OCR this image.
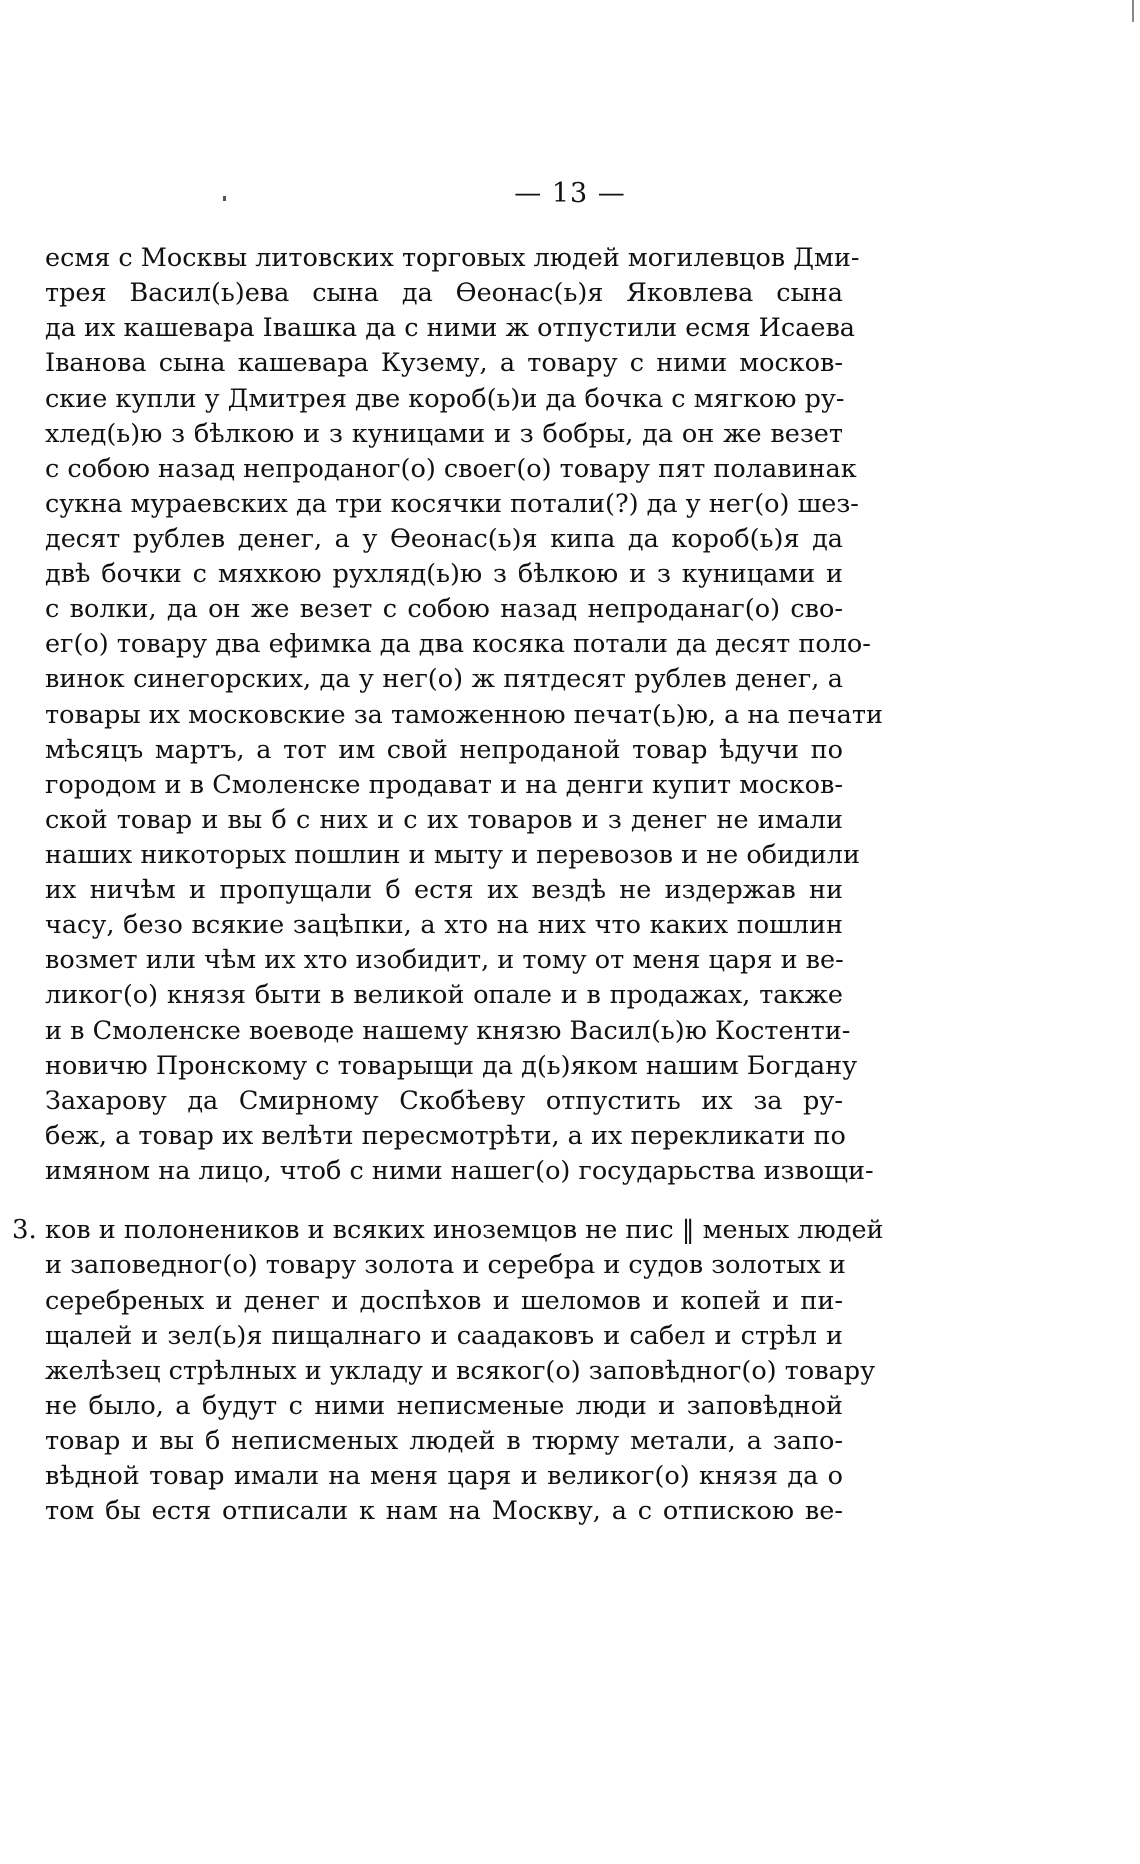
— 13 —
3.
есмя с Москвы литовских торговых людей могилевцов Дми-
трея Васил(ь)ева сына да Өеонас(ь)я Яковлева сына
да их кашевара Івашка да с ними ж отпустили есмя Исаева
Іванова сына кашевара Кузему, а товару с ними москов-
ские купли у Дмитрея две короб(ь)и да бочка с мягкою ру-
хлед(ь)ю з бѣлкою и з куницами и з бобры, да он же везет
с собою назад непроданог(о) своег(о) товару пят полавинак
сукна мураевских да три косячки потали(?) да у нег(о) шез-
десят рублев денег, а у Өеонас(ь)я кипа да короб(ь)я да
двѣ бочки с мяхкою рухляд(ь)ю з бѣлкою и з куницами и
с волки, да он же везет с собою назад непроданаг(о) сво-
ег(о) товару два ефимка да два косяка потали да десят поло-
винок синегорских, да у нег(о) ж пятдесят рублев денег, а
товары их московские за таможенною печат(ь)ю, а на печати
мѣсяцъ мартъ, а тот им свой непроданой товар ѣдучи по
городом и в Смоленске продават и на денги купит москов-
ской товар и вы б с них и с их товаров и з денег не имали
наших никоторых пошлин и мыту и перевозов и не обидили
их ничѣм и пропущали б естя их вездѣ не издержав ни
часу, безо всякие зацѣпки, а хто на них что каких пошлин
возмет или чѣм их хто изобидит, и тому от меня царя и ве-
ликог(о) князя быти в великой опале и в продажах, также
и в Смоленске воеводе нашему князю Васил(ь)ю Костенти-
новичю Пронскому с товарыщи да д(ь)яком нашим Богдану
Захарову да Смирному Скобѣеву отпустить их за ру-
беж, а товар их велѣти пересмотрѣти, а их перекликати по
имяном на лицо, чтоб с ними нашег(о) государьства извощи-
ков и полонеников и всяких иноземцов не пис ‖ меных людей
и заповедног(о) товару золота и серебра и судов золотых и
серебреных и денег и доспѣхов и шеломов и копей и пи-
щалей и зел(ь)я пищалнаго и саадаковъ и сабел и стрѣл и
желѣзец стрѣлных и укладу и всяког(о) заповѣдног(о) товару
не было, а будут с ними неписменые люди и заповѣдной
товар и вы б неписменых людей в тюрму метали, а запо-
вѣдной товар имали на меня царя и великог(о) князя да о
том бы естя отписали к нам на Москву, а с отпискою ве-
